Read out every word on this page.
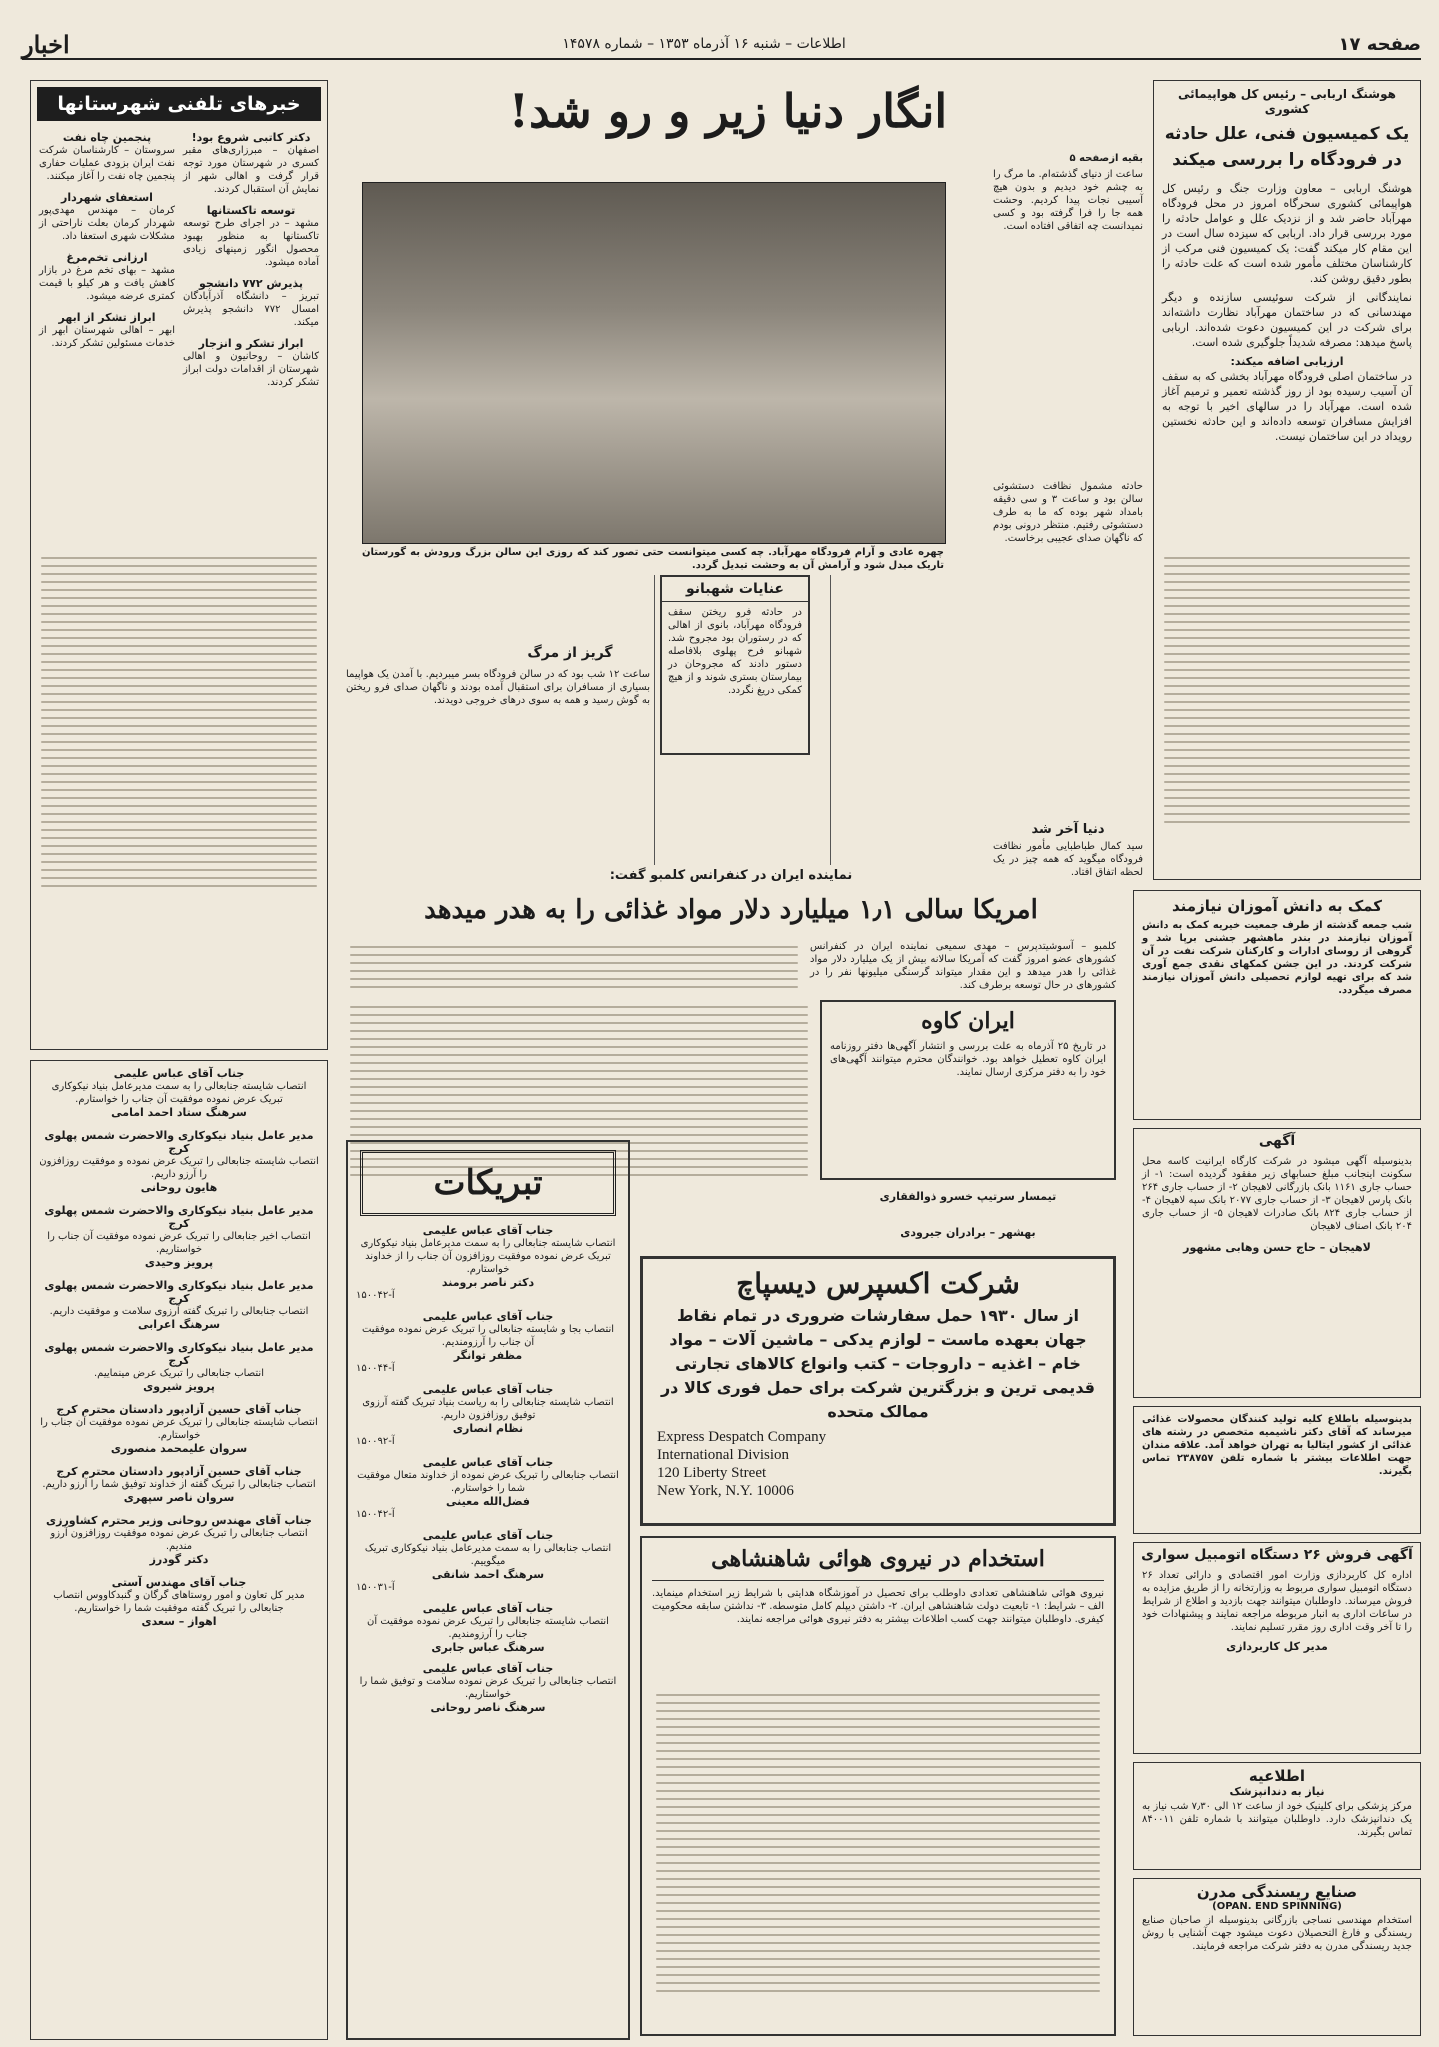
صفحه ۱۷
اطلاعات – شنبه ۱۶ آذرماه ۱۳۵۳ – شماره ۱۴۵۷۸
اخبار
هوشنگ اربابی – رئیس کل هواپیمائی کشوری
یک کمیسیون فنی، علل حادثه در فرودگاه را بررسی میکند

هوشنگ اربابی – معاون وزارت جنگ و رئیس کل هواپیمائی کشوری سحرگاه امروز در محل فرودگاه مهرآباد حاضر شد و از نزدیک علل و عوامل حادثه را مورد بررسی قرار داد. اربابی که سیزده سال است در این مقام کار میکند گفت: یک کمیسیون فنی مرکب از کارشناسان مختلف مأمور شده است که علت حادثه را بطور دقیق روشن کند.

نمایندگانی از شرکت سوئیسی سازنده و دیگر مهندسانی که در ساختمان مهرآباد نظارت داشته‌اند برای شرکت در این کمیسیون دعوت شده‌اند. اربابی پاسخ میدهد: مصرفه شدیداً جلوگیری شده است.

ارزیابی اضافه میکند:

در ساختمان اصلی فرودگاه مهرآباد بخشی که به سقف آن آسیب رسیده بود از روز گذشته تعمیر و ترمیم آغاز شده است. مهرآباد را در سالهای اخیر با توجه به افزایش مسافران توسعه داده‌اند و این حادثه نخستین رویداد در این ساختمان نیست.

انگار دنیا زیر و رو شد!
بقیه ازصفحه ۵
ساعت از دنیای گذشته‌ام. ما مرگ را به چشم خود دیدیم و بدون هیچ آسیبی نجات پیدا کردیم. وحشت همه جا را فرا گرفته بود و کسی نمیدانست چه اتفاقی افتاده است.
چهره عادی و آرام فرودگاه مهرآباد. چه کسی میتوانست حتی تصور کند که روزی این سالن بزرگ ورودش به گورستان تاریک مبدل شود و آرامش آن به وحشت تبدیل گردد.
حادثه مشمول نظافت دستشوئی سالن بود و ساعت ۳ و سی دقیقه بامداد شهر بوده که ما به طرف دستشوئی رفتیم. منتظر درونی بودم که ناگهان صدای عجیبی برخاست.
عنایات شهبانو
در حادثه فرو ریختن سقف فرودگاه مهرآباد، بانوی از اهالی که در رستوران بود مجروح شد. شهبانو فرح پهلوی بلافاصله دستور دادند که مجروحان در بیمارستان بستری شوند و از هیچ کمکی دریغ نگردد.
گریز از مرگ
ساعت ۱۲ شب بود که در سالن فرودگاه بسر میبردیم. با آمدن یک هواپیما بسیاری از مسافران برای استقبال آمده بودند و ناگهان صدای فرو ریختن به گوش رسید و همه به سوی درهای خروجی دویدند.
دنیا آخر شد
سید کمال طباطبایی مأمور نظافت فرودگاه میگوید که همه چیز در یک لحظه اتفاق افتاد.
خبرهای تلفنی شهرستانها
دکتر کاتبی شروع بود!
اصفهان – مبرزاری‌های مقبر کسری در شهرستان مورد توجه قرار گرفت و اهالی شهر از نمایش آن استقبال کردند.
توسعه تاکستانها
مشهد – در اجرای طرح توسعه تاکستانها به منظور بهبود محصول انگور زمینهای زیادی آماده میشود.
پذیرش ۷۷۲ دانشجو
تبریز – دانشگاه آذرآبادگان امسال ۷۷۲ دانشجو پذیرش میکند.
ابراز تشکر و انزجار
کاشان – روحانیون و اهالی شهرستان از اقدامات دولت ابراز تشکر کردند.
پنجمین چاه نفت
سروستان – کارشناسان شرکت نفت ایران بزودی عملیات حفاری پنجمین چاه نفت را آغاز میکنند.
استعفای شهردار
کرمان – مهندس مهدی‌پور شهردار کرمان بعلت ناراحتی از مشکلات شهری استعفا داد.
ارزانی تخم‌مرغ
مشهد – بهای تخم مرغ در بازار کاهش یافت و هر کیلو با قیمت کمتری عرضه میشود.
ابراز تشکر از ابهر
ابهر – اهالی شهرستان ابهر از خدمات مسئولین تشکر کردند.
نماینده ایران در کنفرانس کلمبو گفت:
امریکا سالی ۱٫۱ میلیارد دلار مواد غذائی را به هدر میدهد
کلمبو – آسوشیتدپرس – مهدی سمیعی نماینده ایران در کنفرانس کشورهای عضو امروز گفت که آمریکا سالانه بیش از یک میلیارد دلار مواد غذائی را هدر میدهد و این مقدار میتواند گرسنگی میلیونها نفر را در کشورهای در حال توسعه برطرف کند.
ایران کاوه
در تاریخ ۲۵ آذرماه به علت بررسی و انتشار آگهی‌ها دفتر روزنامه ایران کاوه تعطیل خواهد بود. خوانندگان محترم میتوانند آگهی‌های خود را به دفتر مرکزی ارسال نمایند.
تیمسار سرتیپ خسرو ذوالفقاری
بهشهر – برادران جیرودی
شرکت اکسپرس دیسپاچ
از سال ۱۹۳۰ حمل سفارشات ضروری در تمام نقاط جهان بعهده ماست – لوازم یدکی – ماشین آلات – مواد خام – اغذیه – داروجات – کتب وانواع کالاهای تجارتی قدیمی ترین و بزرگترین شرکت برای حمل فوری کالا در ممالک متحده
Express Despatch Company
International Division
120 Liberty Street
New York, N.Y. 10006
تبریکات
جناب آقای عباس علیمی
انتصاب شایسته جنابعالی را به سمت مدیرعامل بنیاد نیکوکاری تبریک عرض نموده موفقیت روزافزون آن جناب را از خداوند خواستارم.
دکتر ناصر برومند
آ-۱۵۰۰۴۲
جناب آقای عباس علیمی
انتصاب بجا و شایسته جنابعالی را تبریک عرض نموده موفقیت آن جناب را آرزومندیم.
مظفر توانگر
آ-۱۵۰۰۴۴
جناب آقای عباس علیمی
انتصاب شایسته جنابعالی را به ریاست بنیاد تبریک گفته آرزوی توفیق روزافزون داریم.
نظام انصاری
آ-۱۵۰۰۹۲
جناب آقای عباس علیمی
انتصاب جنابعالی را تبریک عرض نموده از خداوند متعال موفقیت شما را خواستارم.
فضل‌الله معینی
آ-۱۵۰۰۴۲
جناب آقای عباس علیمی
انتصاب جنابعالی را به سمت مدیرعامل بنیاد نیکوکاری تبریک میگوییم.
سرهنگ احمد شانقی
آ-۱۵۰۰۳۱
جناب آقای عباس علیمی
انتصاب شایسته جنابعالی را تبریک عرض نموده موفقیت آن جناب را آرزومندیم.
سرهنگ عباس جابری
جناب آقای عباس علیمی
انتصاب جنابعالی را تبریک عرض نموده سلامت و توفیق شما را خواستاریم.
سرهنگ ناصر روحانی
جناب آقای عباس علیمی
انتصاب شایسته جنابعالی را به سمت مدیرعامل بنیاد نیکوکاری تبریک عرض نموده موفقیت آن جناب را خواستارم.
سرهنگ ستاد احمد امامی
مدیر عامل بنیاد نیکوکاری والاحضرت شمس پهلوی کرج
انتصاب شایسته جنابعالی را تبریک عرض نموده و موفقیت روزافزون را آرزو داریم.
هایون روحانی
مدیر عامل بنیاد نیکوکاری والاحضرت شمس پهلوی کرج
انتصاب اخیر جنابعالی را تبریک عرض نموده موفقیت آن جناب را خواستاریم.
پرویز وحیدی
مدیر عامل بنیاد نیکوکاری والاحضرت شمس پهلوی کرج
انتصاب جنابعالی را تبریک گفته آرزوی سلامت و موفقیت داریم.
سرهنگ اعرابی
مدیر عامل بنیاد نیکوکاری والاحضرت شمس پهلوی کرج
انتصاب جنابعالی را تبریک عرض مینماییم.
پرویز شیروی
جناب آقای حسین آزادپور دادستان محترم کرج
انتصاب شایسته جنابعالی را تبریک عرض نموده موفقیت آن جناب را خواستارم.
سروان علیمحمد منصوری
جناب آقای حسین آزادپور دادستان محترم کرج
انتصاب جنابعالی را تبریک گفته از خداوند توفیق شما را آرزو داریم.
سروان ناصر سپهری
جناب آقای مهندس روحانی وزیر محترم کشاورزی
انتصاب جنابعالی را تبریک عرض نموده موفقیت روزافزون آرزو مندیم.
دکتر گودرز
جناب آقای مهندس آستی
مدیر کل تعاون و امور روستاهای گرگان و گنبدکاووس انتصاب جنابعالی را تبریک گفته موفقیت شما را خواستاریم.
اهواز – سعدی
استخدام در نیروی هوائی شاهنشاهی
نیروی هوائی شاهنشاهی تعدادی داوطلب برای تحصیل در آموزشگاه هدایتی با شرایط زیر استخدام مینماید. الف – شرایط: ۱- تابعیت دولت شاهنشاهی ایران. ۲- داشتن دیپلم کامل متوسطه. ۳- نداشتن سابقه محکومیت کیفری. داوطلبان میتوانند جهت کسب اطلاعات بیشتر به دفتر نیروی هوائی مراجعه نمایند.
کمک به دانش آموزان نیازمند
شب جمعه گذشته از طرف جمعیت خیریه کمک به دانش آموزان نیازمند در بندر ماهشهر جشنی برپا شد و گروهی از روسای ادارات و کارکنان شرکت نفت در آن شرکت کردند. در این جشن کمکهای نقدی جمع آوری شد که برای تهیه لوازم تحصیلی دانش آموزان نیازمند مصرف میگردد.
آگهی
بدینوسیله آگهی میشود در شرکت کارگاه ایرانیت کاسه محل سکونت اینجانب مبلغ حسابهای زیر مفقود گردیده است: ۱- از حساب جاری ۱۱۶۱ بانک بازرگانی لاهیجان ۲- از حساب جاری ۲۶۴ بانک پارس لاهیجان ۳- از حساب جاری ۲۰۷۷ بانک سپه لاهیجان ۴- از حساب جاری ۸۲۴ بانک صادرات لاهیجان ۵- از حساب جاری ۲۰۴ بانک اصناف لاهیجان
لاهیجان – حاج حسن وهابی مشهور
بدینوسیله باطلاع کلیه تولید کنندگان محصولات غذائی میرساند که آقای دکتر ناشیمیه متخصص در رشته های غذائی از کشور ایتالیا به تهران خواهد آمد. علاقه مندان جهت اطلاعات بیشتر با شماره تلفن ۲۳۸۷۵۷ تماس بگیرند.
آگهی فروش ۲۶ دستگاه اتومبیل سواری
اداره کل کاربردازی وزارت امور اقتصادی و دارائی تعداد ۲۶ دستگاه اتومبیل سواری مربوط به وزارتخانه را از طریق مزایده به فروش میرساند. داوطلبان میتوانند جهت بازدید و اطلاع از شرایط در ساعات اداری به انبار مربوطه مراجعه نمایند و پیشنهادات خود را تا آخر وقت اداری روز مقرر تسلیم نمایند.
مدیر کل کاربردازی
اطلاعیه
نیاز به دندانپزشک
مرکز پزشکی برای کلینیک خود از ساعت ۱۲ الی ۷٫۳۰ شب نیاز به یک دندانپزشک دارد. داوطلبان میتوانند با شماره تلفن ۸۴۰۰۱۱ تماس بگیرند.
صنایع ریسندگی مدرن
(OPAN. END SPINNING)
استخدام مهندسی نساجی بازرگانی بدینوسیله از صاحبان صنایع ریسندگی و فارغ التحصیلان دعوت میشود جهت آشنایی با روش جدید ریسندگی مدرن به دفتر شرکت مراجعه فرمایند.
